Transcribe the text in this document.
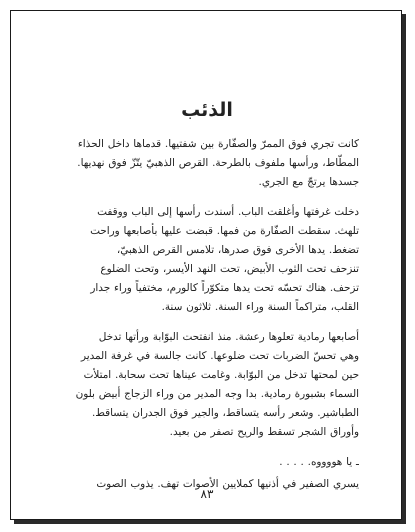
الذئب
كانت تجري فوق الممرّ والصفّارة بين شفتيها. قدماها داخل الحذاء
المطّاط، ورأسها ملفوف بالطرحة. القرص الذهبيّ يتّزّ فوق نهديها.
جسدها يرتجّ مع الجري.
دخلت غرفتها وأغلقت الباب. أسندت رأسها إلى الباب ووقفت
تلهث. سقطت الصفّارة من فمها. قبضت عليها بأصابعها وراحت
تضغط. يدها الأخرى فوق صدرها، تلامس القرص الذهبيّ،
تنزحف تحت الثوب الأبيض، تحت النهد الأيسر، وتحت الضلوع
تزحف. هناك تحسّه تحت يدها متكوّراً كالورم، مختفياً وراء جدار
القلب، متراكماً السنة وراء السنة. ثلاثون سنة.
أصابعها رمادية تعلوها رعشة. منذ انفتحت البوّابة ورأتها تدخل
وهي تحسّ الضربات تحت ضلوعها. كانت جالسة في غرفة المدير
حين لمحتها تدخل من البوّابة. وغامت عيناها تحت سحابة. امتلأت
السماء بشبورة رمادية. بدا وجه المدير من وراء الزجاج أبيض بلون
الطباشير. وشعر رأسه يتساقط، والجير فوق الجدران يتساقط.
وأوراق الشجر تسقط والريح تصفر من بعيد.
ـ يا هووووه. . . . .
يسري الصفير في أذنيها كملايين الأصوات تهف. يذوب الصوت
٨٣
